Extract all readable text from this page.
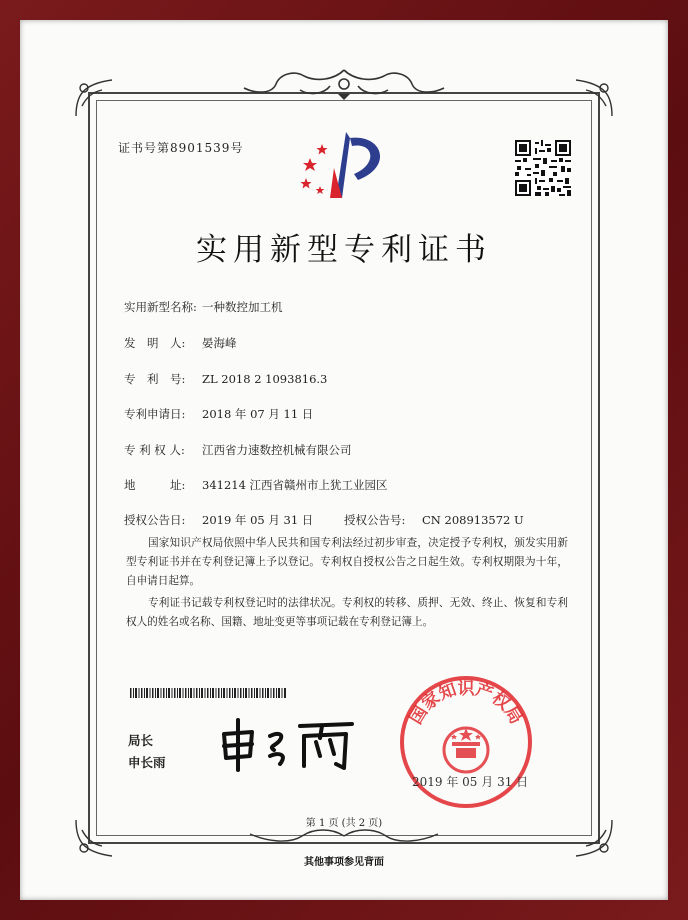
证书号第8901539号
实用新型专利证书
实用新型名称: 一种数控加工机
发　明　人: 晏海峰
专　利　号: ZL 2018 2 1093816.3
专利申请日: 2018 年 07 月 11 日
专 利 权 人: 江西省力速数控机械有限公司
地　　　址: 341214 江西省赣州市上犹工业园区
授权公告日: 2019 年 05 月 31 日	授权公告号: CN 208913572 U
国家知识产权局依照中华人民共和国专利法经过初步审查，决定授予专利权，颁发实用新型专利证书并在专利登记簿上予以登记。专利权自授权公告之日起生效。专利权期限为十年，自申请日起算。
专利证书记载专利权登记时的法律状况。专利权的转移、质押、无效、终止、恢复和专利权人的姓名或名称、国籍、地址变更等事项记载在专利登记簿上。
局长
申长雨
国家知识产权局
2019 年 05 月 31 日
第 1 页 (共 2 页)
其他事项参见背面
